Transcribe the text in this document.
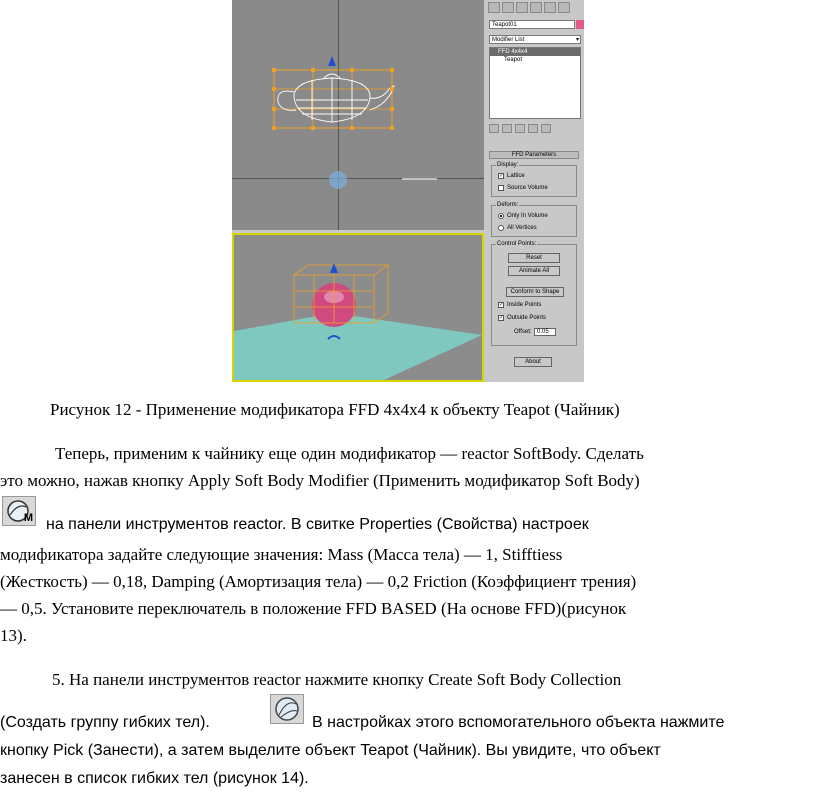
Teapot01
Modifier List	▾
FFD 4x4x4
Teapot
FFD Parameters
Display:
✓ Lattice
Source Volume
Deform:
Only In Volume
All Vertices
Control Points:
Reset
Animate All
Conform to Shape
✓ Inside Points
✓ Outside Points
Offset: 0.05
About
Рисунок 12 - Применение модификатора FFD 4x4x4 к объекту Teapot (Чайник)
Теперь, применим к чайнику еще один модификатор — reactor SoftBody. Сделать
это можно, нажав кнопку Apply Soft Body Modifier (Применить модификатор Soft Body)
M на панели инструментов reactor. В свитке Properties (Свойства) настроек
модификатора задайте следующие значения: Mass (Масса тела) — 1, Stifftiess
(Жесткость) — 0,18, Damping (Амортизация тела) — 0,2 Friction (Коэффициент трения)
— 0,5. Установите переключатель в положение FFD BASED (На основе FFD)(рисунок
13).
5. На панели инструментов reactor нажмите кнопку Create Soft Body Collection
(Создать группу гибких тел).	В настройках этого вспомогательного объекта нажмите
кнопку Pick (Занести), а затем выделите объект Teapot (Чайник). Вы увидите, что объект
занесен в список гибких тел (рисунок 14).
